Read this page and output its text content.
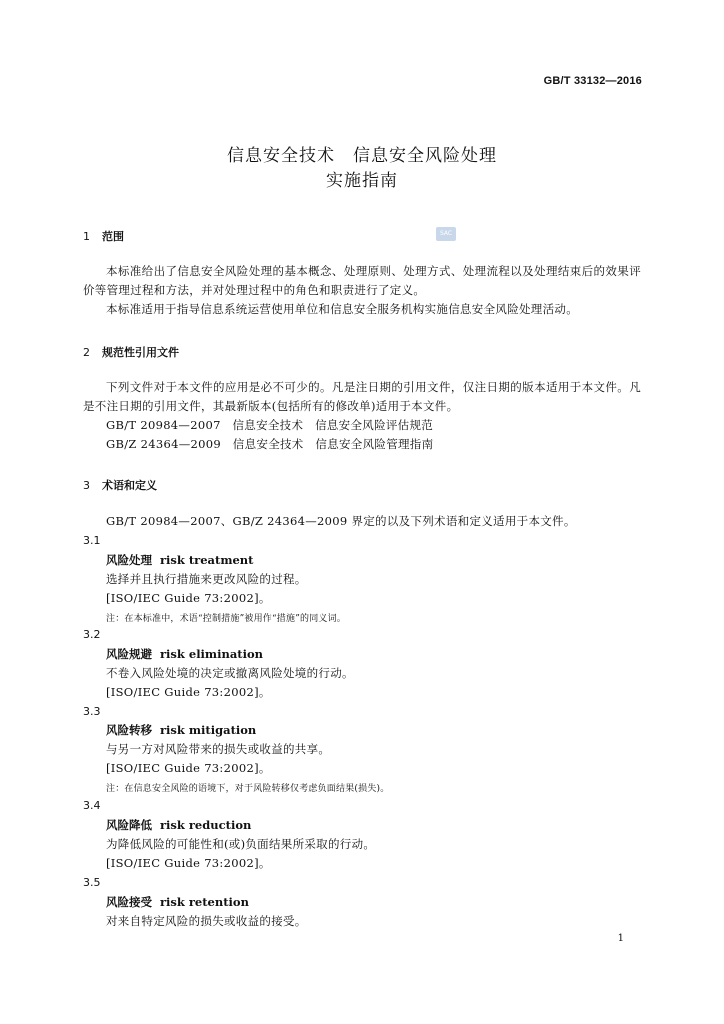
GB/T 33132—2016
信息安全技术　信息安全风险处理
实施指南
SAC
1 范围
本标准给出了信息安全风险处理的基本概念、处理原则、处理方式、处理流程以及处理结束后的效果评价等管理过程和方法，并对处理过程中的角色和职责进行了定义。
本标准适用于指导信息系统运营使用单位和信息安全服务机构实施信息安全风险处理活动。
2 规范性引用文件
下列文件对于本文件的应用是必不可少的。凡是注日期的引用文件，仅注日期的版本适用于本文件。凡是不注日期的引用文件，其最新版本(包括所有的修改单)适用于本文件。
GB/T 20984—2007　信息安全技术　信息安全风险评估规范
GB/Z 24364—2009　信息安全技术　信息安全风险管理指南
3 术语和定义
GB/T 20984—2007、GB/Z 24364—2009 界定的以及下列术语和定义适用于本文件。
3.1
风险处理 risk treatment
选择并且执行措施来更改风险的过程。
[ISO/IEC Guide 73:2002]。
注：在本标准中，术语“控制措施”被用作“措施”的同义词。
3.2
风险规避 risk elimination
不卷入风险处境的决定或撤离风险处境的行动。
[ISO/IEC Guide 73:2002]。
3.3
风险转移 risk mitigation
与另一方对风险带来的损失或收益的共享。
[ISO/IEC Guide 73:2002]。
注：在信息安全风险的语境下，对于风险转移仅考虑负面结果(损失)。
3.4
风险降低 risk reduction
为降低风险的可能性和(或)负面结果所采取的行动。
[ISO/IEC Guide 73:2002]。
3.5
风险接受 risk retention
对来自特定风险的损失或收益的接受。
1
